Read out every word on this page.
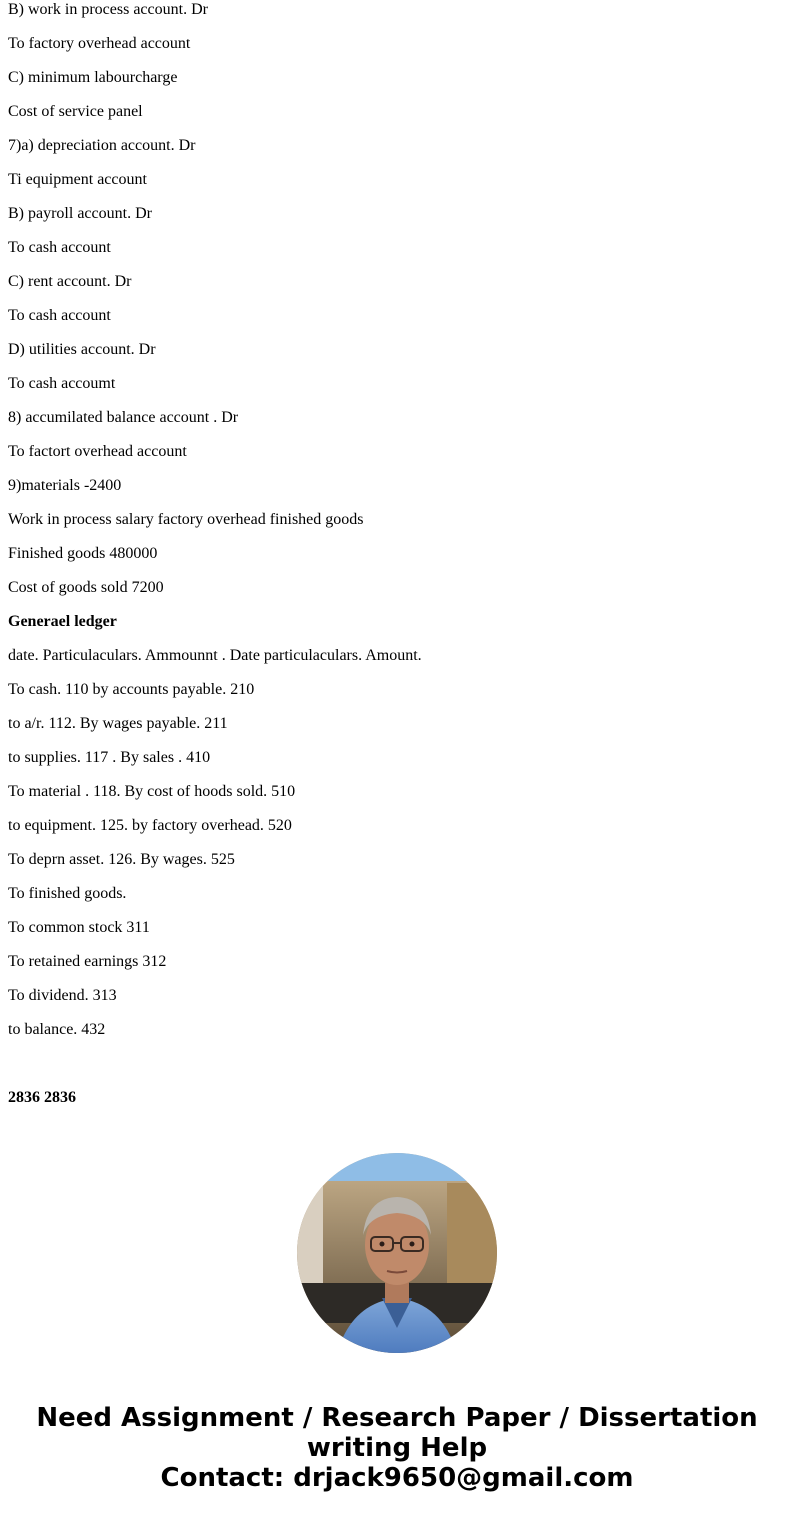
B) work in process account. Dr

To factory overhead account

C) minimum labourcharge

Cost of service panel

7)a) depreciation account. Dr

Ti equipment account

B) payroll account. Dr

To cash account

C) rent account. Dr

To cash account

D) utilities account. Dr

To cash accoumt

8) accumilated balance account . Dr

To factort overhead account

9)materials -2400

Work in process salary factory overhead finished goods

Finished goods 480000

Cost of goods sold 7200

Generael ledger

date. Particulaculars. Ammounnt . Date particulaculars. Amount.

To cash. 110 by accounts payable. 210

to a/r. 112. By wages payable. 211

to supplies. 117 . By sales . 410

To material . 118. By cost of hoods sold. 510

to equipment. 125. by factory overhead. 520

To deprn asset. 126. By wages. 525

To finished goods.

To common stock 311

To retained earnings 312

To dividend. 313

to balance. 432

2836 2836

Need Assignment / Research Paper / Dissertation writing Help

Contact: drjack9650@gmail.com
